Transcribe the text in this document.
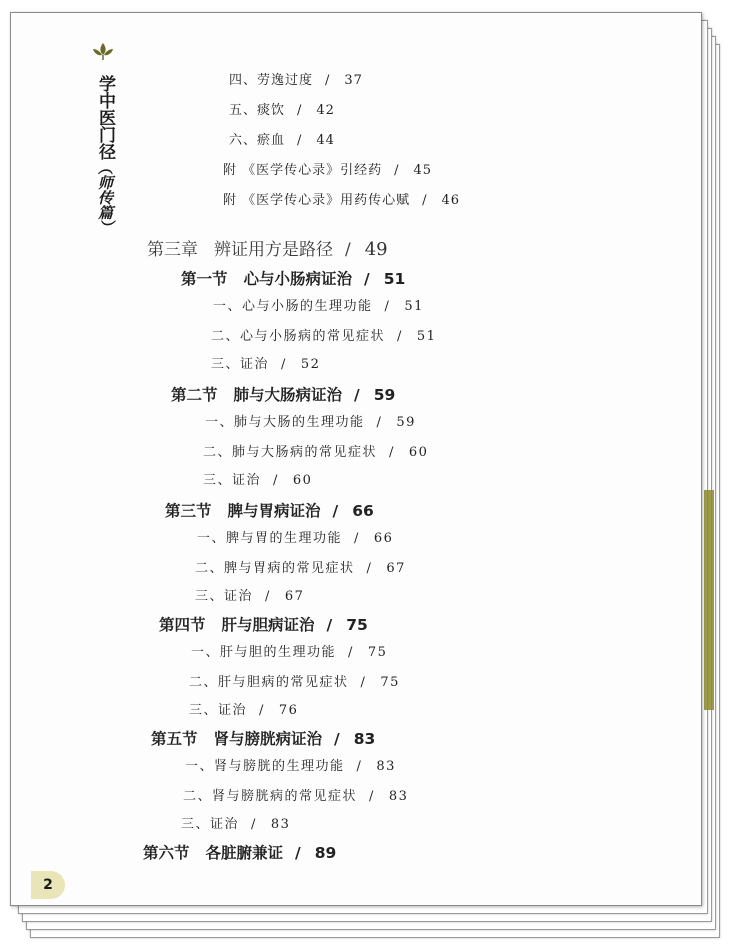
学中医门径（师传篇）
四、劳逸过度 / 37
五、痰饮 / 42
六、瘀血 / 44
附 《医学传心录》引经药 / 45
附 《医学传心录》用药传心赋 / 46
第三章 辨证用方是路径 / 49
第一节 心与小肠病证治 / 51
一、心与小肠的生理功能 / 51
二、心与小肠病的常见症状 / 51
三、证治 / 52
第二节 肺与大肠病证治 / 59
一、肺与大肠的生理功能 / 59
二、肺与大肠病的常见症状 / 60
三、证治 / 60
第三节 脾与胃病证治 / 66
一、脾与胃的生理功能 / 66
二、脾与胃病的常见症状 / 67
三、证治 / 67
第四节 肝与胆病证治 / 75
一、肝与胆的生理功能 / 75
二、肝与胆病的常见症状 / 75
三、证治 / 76
第五节 肾与膀胱病证治 / 83
一、肾与膀胱的生理功能 / 83
二、肾与膀胱病的常见症状 / 83
三、证治 / 83
第六节 各脏腑兼证 / 89
2
